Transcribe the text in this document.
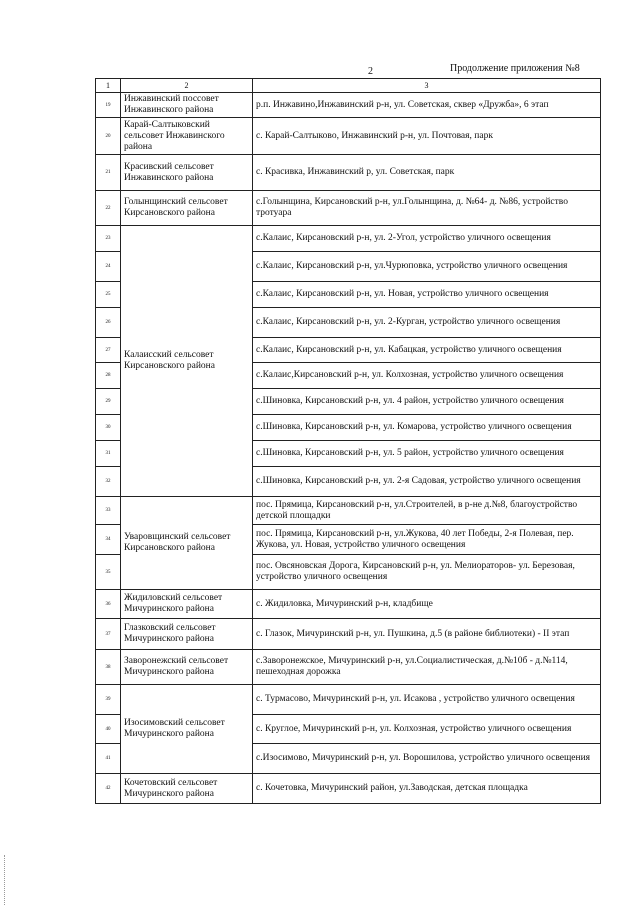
2	Продолжение приложения №8
1	2	3
19	Инжавинский поссовет Инжавинского района	р.п. Инжавино,Инжавинский р-н, ул. Советская, сквер «Дружба», 6 этап
20	Карай-Салтыковский сельсовет Инжавинского района	с. Карай-Салтыково, Инжавинский р-н, ул. Почтовая, парк
21	Красивский сельсовет Инжавинского района	с. Красивка, Инжавинский р, ул. Советская, парк
22	Голынщинский сельсовет Кирсановского района	с.Голынщина, Кирсановский р-н, ул.Голынщина, д. №64- д. №86, устройство тротуара
23	Калаисский сельсовет Кирсановского района	с.Калаис, Кирсановский р-н, ул. 2-Угол, устройство уличного освещения
24		с.Калаис, Кирсановский р-н, ул.Чурюповка, устройство уличного освещения
25		с.Калаис, Кирсановский р-н, ул. Новая, устройство уличного освещения
26		с.Калаис, Кирсановский р-н, ул. 2-Курган, устройство уличного освещения
27		с.Калаис, Кирсановский р-н, ул. Кабацкая, устройство уличного освещения
28		с.Калаис,Кирсановский р-н, ул. Колхозная, устройство уличного освещения
29		с.Шиновка, Кирсановский р-н, ул. 4 район, устройство уличного освещения
30		с.Шиновка, Кирсановский р-н, ул. Комарова, устройство уличного освещения
31		с.Шиновка, Кирсановский р-н, ул. 5 район, устройство уличного освещения
32		с.Шиновка, Кирсановский р-н, ул. 2-я Садовая, устройство уличного освещения
33	Уваровщинский сельсовет Кирсановского района	пос. Прямица, Кирсановский р-н, ул.Строителей, в р-не д.№8, благоустройство детской площадки
34		пос. Прямица, Кирсановский р-н, ул.Жукова, 40 лет Победы, 2-я Полевая, пер. Жукова, ул. Новая, устройство уличного освещения
35		пос. Овсяновская Дорога, Кирсановский р-н, ул. Мелиораторов- ул. Березовая, устройство уличного освещения
36	Жидиловский сельсовет Мичуринского района	с. Жидиловка, Мичуринский р-н, кладбище
37	Глазковский сельсовет Мичуринского района	с. Глазок, Мичуринский р-н, ул. Пушкина, д.5 (в районе библиотеки) - II этап
38	Заворонежский сельсовет Мичуринского района	с.Заворонежское, Мичуринский р-н, ул.Социалистическая, д.№10б - д.№114, пешеходная дорожка
39	Изосимовский сельсовет Мичуринского района	с. Турмасово, Мичуринский р-н, ул. Исакова , устройство уличного освещения
40		с. Круглое, Мичуринский р-н, ул. Колхозная, устройство уличного освещения
41		с.Изосимово, Мичуринский р-н, ул. Ворошилова, устройство уличного освещения
42	Кочетовский сельсовет Мичуринского района	с. Кочетовка, Мичуринский район, ул.Заводская, детская площадка
